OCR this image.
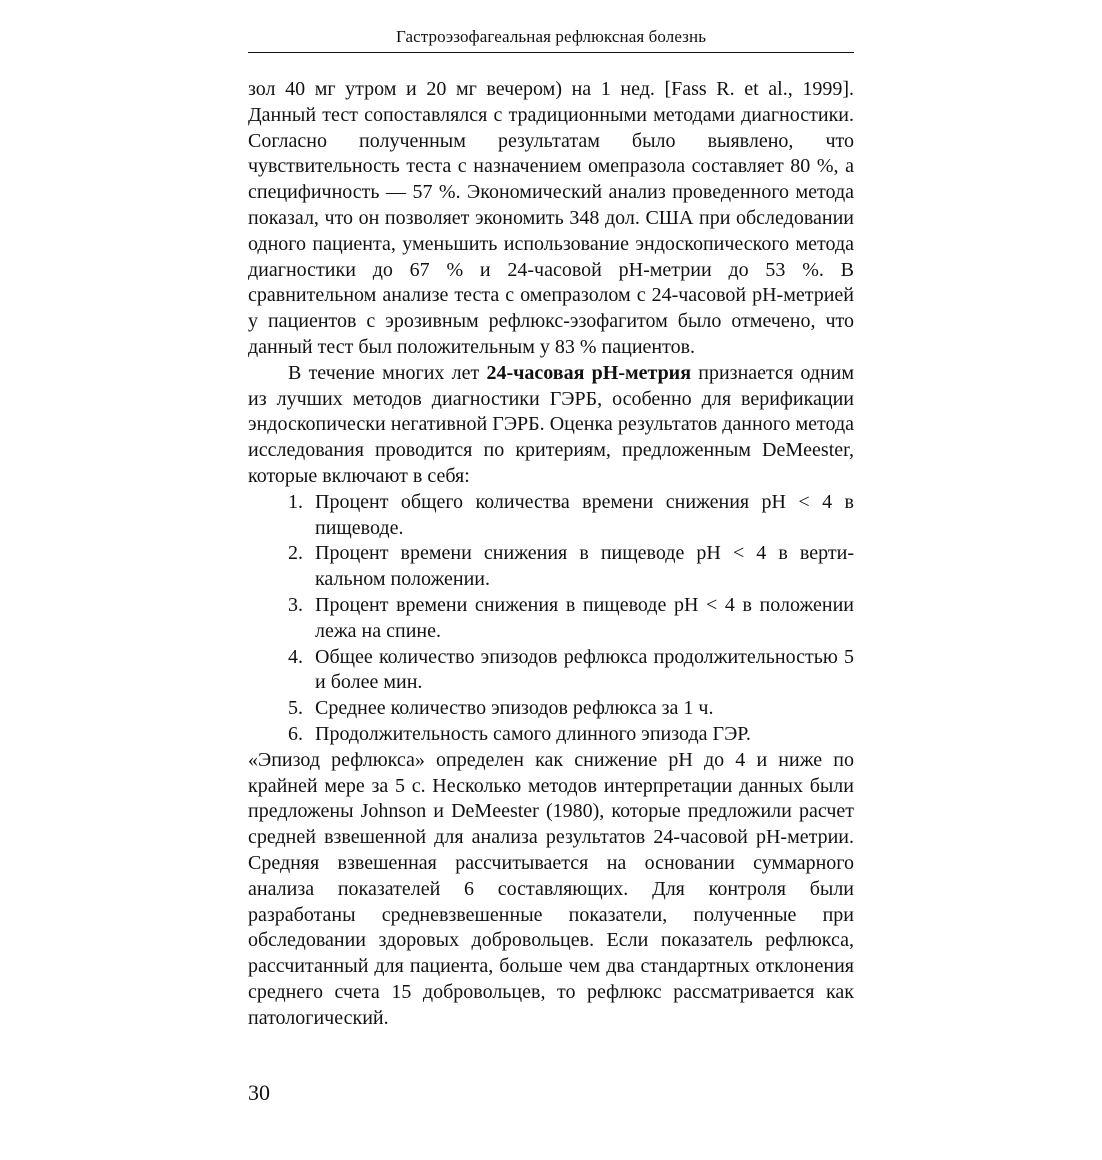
Гастроэзофагеальная рефлюксная болезнь

зол 40 мг утром и 20 мг вечером) на 1 нед. [Fass R. et al., 1999]. Данный тест сопоставлялся с традиционными методами диагностики. Согласно полученным результатам было выявлено, что чувствительность теста с назначением омепразола составляет 80 %, а специфичность — 57 %. Экономический анализ проведенного метода показал, что он позволяет экономить 348 дол. США при обследовании одного пациента, уменьшить использование эндоскопического метода диагностики до 67 % и 24-часовой pH-метрии до 53 %. В сравнительном анализе теста с омепразолом с 24-часовой pH-метрией у пациентов с эрозивным рефлюкс-эзофагитом было отмечено, что данный тест был положительным у 83 % пациентов.

В течение многих лет 24-часовая pH-метрия признается одним из лучших методов диагностики ГЭРБ, особенно для верификации эндоскопически негативной ГЭРБ. Оценка результатов данного метода исследования проводится по критериям, предложенным DeMeester, которые включают в себя:

1. Процент общего количества времени снижения pH < 4 в пищеводе.
2. Процент времени снижения в пищеводе pH < 4 в вертикальном положении.
3. Процент времени снижения в пищеводе pH < 4 в положении лежа на спине.
4. Общее количество эпизодов рефлюкса продолжительностью 5 и более мин.
5. Среднее количество эпизодов рефлюкса за 1 ч.
6. Продолжительность самого длинного эпизода ГЭР.

«Эпизод рефлюкса» определен как снижение pH до 4 и ниже по крайней мере за 5 с. Несколько методов интерпретации данных были предложены Johnson и DeMeester (1980), которые предложили расчет средней взвешенной для анализа результатов 24-часовой pH-метрии. Средняя взвешенная рассчитывается на основании суммарного анализа показателей 6 составляющих. Для контроля были разработаны средневзвешенные показатели, полученные при обследовании здоровых добровольцев. Если показатель рефлюкса, рассчитанный для пациента, больше чем два стандартных отклонения среднего счета 15 добровольцев, то рефлюкс рассматривается как патологический.

30
